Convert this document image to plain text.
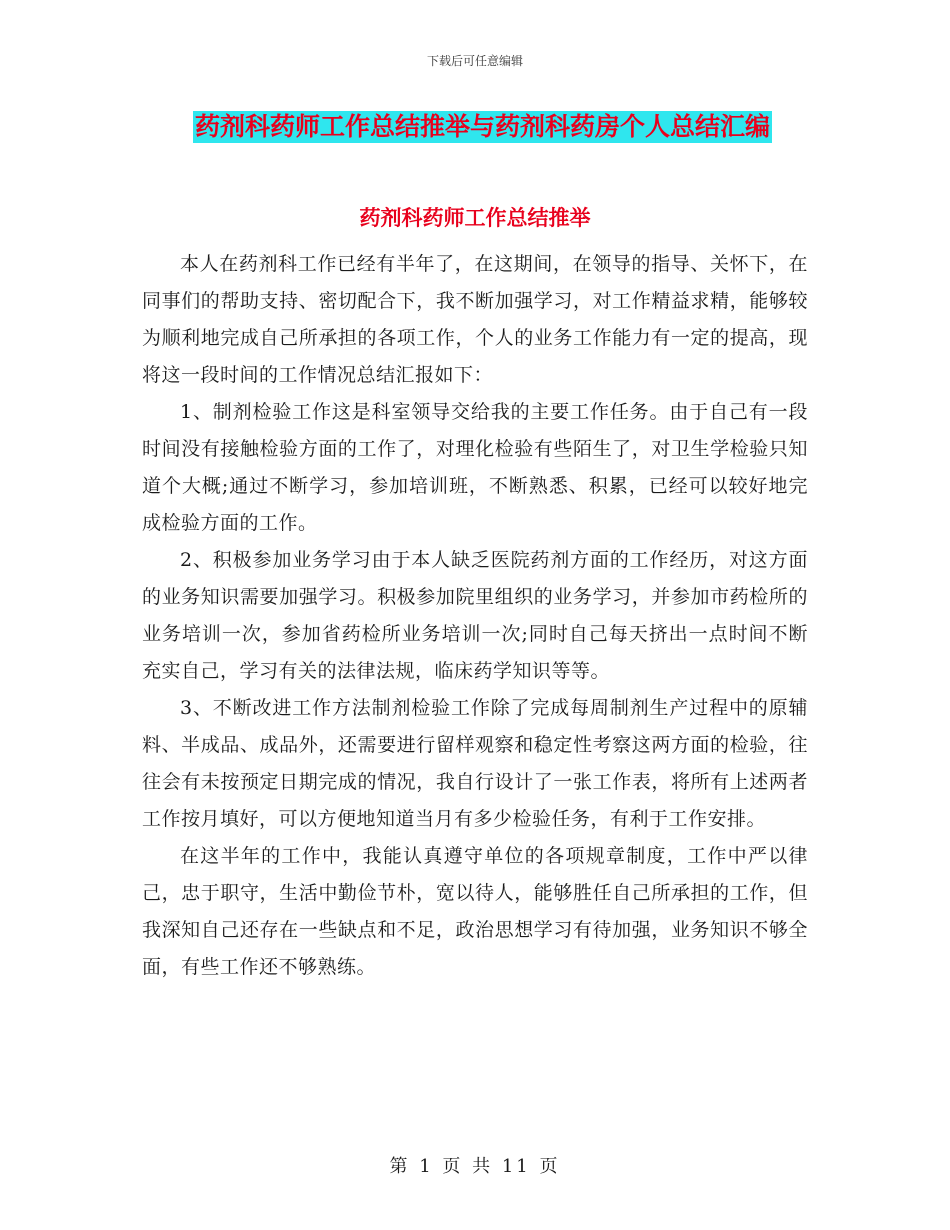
下载后可任意编辑
药剂科药师工作总结推举与药剂科药房个人总结汇编
药剂科药师工作总结推举

本人在药剂科工作已经有半年了，在这期间，在领导的指导、关怀下，在同事们的帮助支持、密切配合下，我不断加强学习，对工作精益求精，能够较为顺利地完成自己所承担的各项工作，个人的业务工作能力有一定的提高，现将这一段时间的工作情况总结汇报如下：

1、制剂检验工作这是科室领导交给我的主要工作任务。由于自己有一段时间没有接触检验方面的工作了，对理化检验有些陌生了，对卫生学检验只知道个大概;通过不断学习，参加培训班，不断熟悉、积累，已经可以较好地完成检验方面的工作。

2、积极参加业务学习由于本人缺乏医院药剂方面的工作经历，对这方面的业务知识需要加强学习。积极参加院里组织的业务学习，并参加市药检所的业务培训一次，参加省药检所业务培训一次;同时自己每天挤出一点时间不断充实自己，学习有关的法律法规，临床药学知识等等。

3、不断改进工作方法制剂检验工作除了完成每周制剂生产过程中的原辅料、半成品、成品外，还需要进行留样观察和稳定性考察这两方面的检验，往往会有未按预定日期完成的情况，我自行设计了一张工作表，将所有上述两者工作按月填好，可以方便地知道当月有多少检验任务，有利于工作安排。

在这半年的工作中，我能认真遵守单位的各项规章制度，工作中严以律己，忠于职守，生活中勤俭节朴，宽以待人，能够胜任自己所承担的工作，但我深知自己还存在一些缺点和不足，政治思想学习有待加强，业务知识不够全面，有些工作还不够熟练。

第 1 页 共 11 页
